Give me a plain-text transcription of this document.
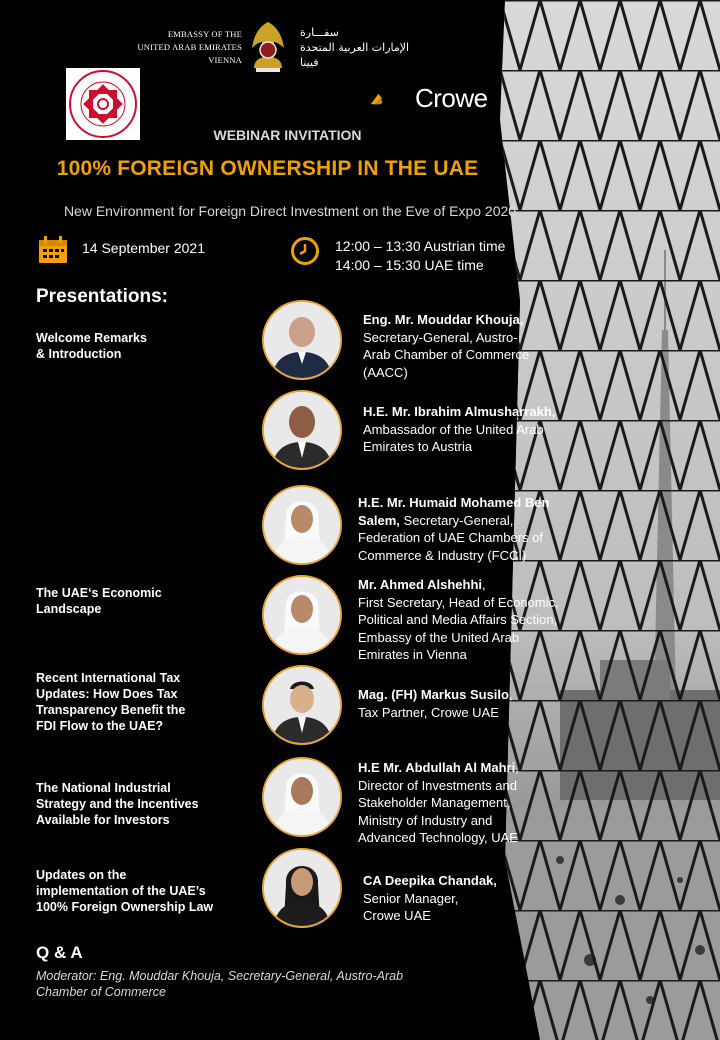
EMBASSY OF THE
UNITED ARAB EMIRATES
VIENNA
سفـــارة
الإمارات العربية المتحدة
فيينا
Crowe
WEBINAR INVITATION
100% FOREIGN OWNERSHIP IN THE UAE
New Environment for Foreign Direct Investment on the Eve of Expo 2020
14 September 2021	12:00 – 13:30 Austrian time
14:00 – 15:30 UAE time
Presentations:
Welcome Remarks
& Introduction
The UAE‘s Economic
Landscape
Recent International Tax
Updates: How Does Tax
Transparency Benefit the
FDI Flow to the UAE?
The National Industrial
Strategy and the Incentives
Available for Investors
Updates on the
implementation of the UAE’s
100% Foreign Ownership Law
Eng. Mr. Mouddar Khouja,
Secretary-General, Austro-
Arab Chamber of Commerce
(AACC)
H.E. Mr. Ibrahim Almusharrakh,
Ambassador of the United Arab
Emirates to Austria
H.E. Mr. Humaid Mohamed Ben
Salem, Secretary-General,
Federation of UAE Chambers of
Commerce & Industry (FCCI)
Mr. Ahmed Alshehhi,
First Secretary, Head of Economic,
Political and Media Affairs Section,
Embassy of the United Arab
Emirates in Vienna
Mag. (FH) Markus Susilo,
Tax Partner, Crowe UAE
H.E Mr. Abdullah Al Mahri,
Director of Investments and
Stakeholder Management,
Ministry of Industry and
Advanced Technology, UAE
CA Deepika Chandak,
Senior Manager,
Crowe UAE
Q & A
Moderator: Eng. Mouddar Khouja, Secretary-General, Austro-Arab
Chamber of Commerce
